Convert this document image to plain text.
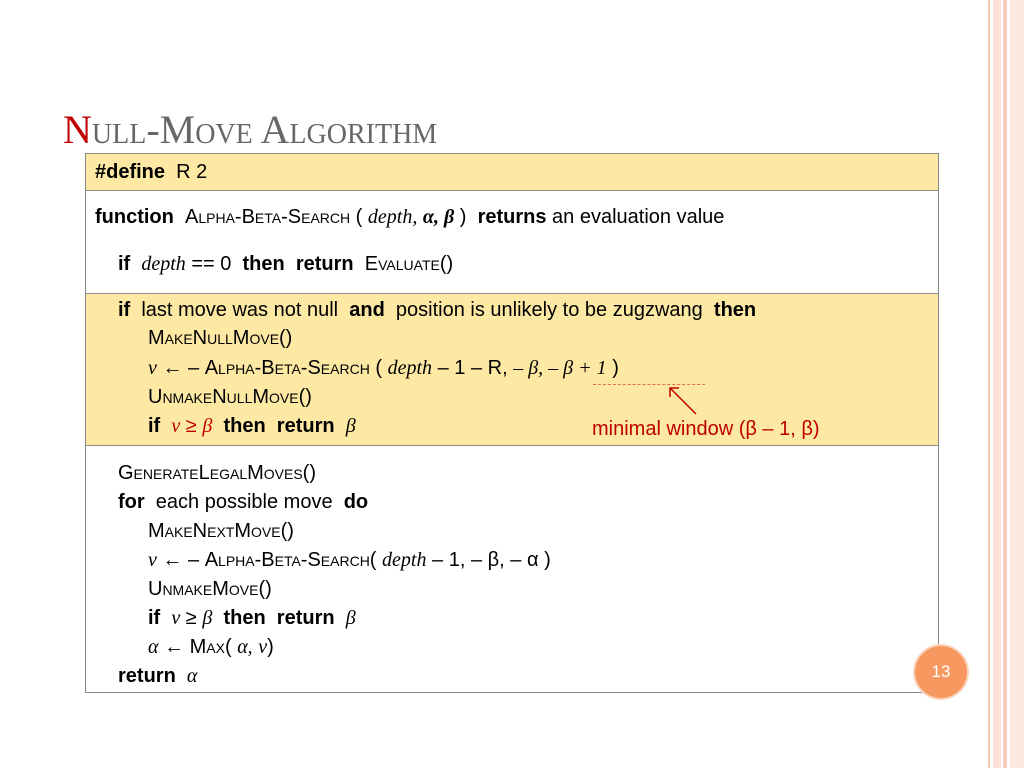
Null-Move Algorithm
#define R 2
function Alpha-Beta-Search ( depth, α, β ) returns an evaluation value
if depth == 0 then return Evaluate()
if last move was not null and position is unlikely to be zugzwang then
MakeNullMove()
v ← – Alpha-Beta-Search ( depth – 1 – R, – β, – β + 1 )
UnmakeNullMove()
if v ≥ β then return β	minimal window (β – 1, β)
GenerateLegalMoves()
for each possible move do
MakeNextMove()
v ← – Alpha-Beta-Search( depth – 1, – β, – α )
UnmakeMove()
if v ≥ β then return β
α ← Max( α, v)
return α	13
